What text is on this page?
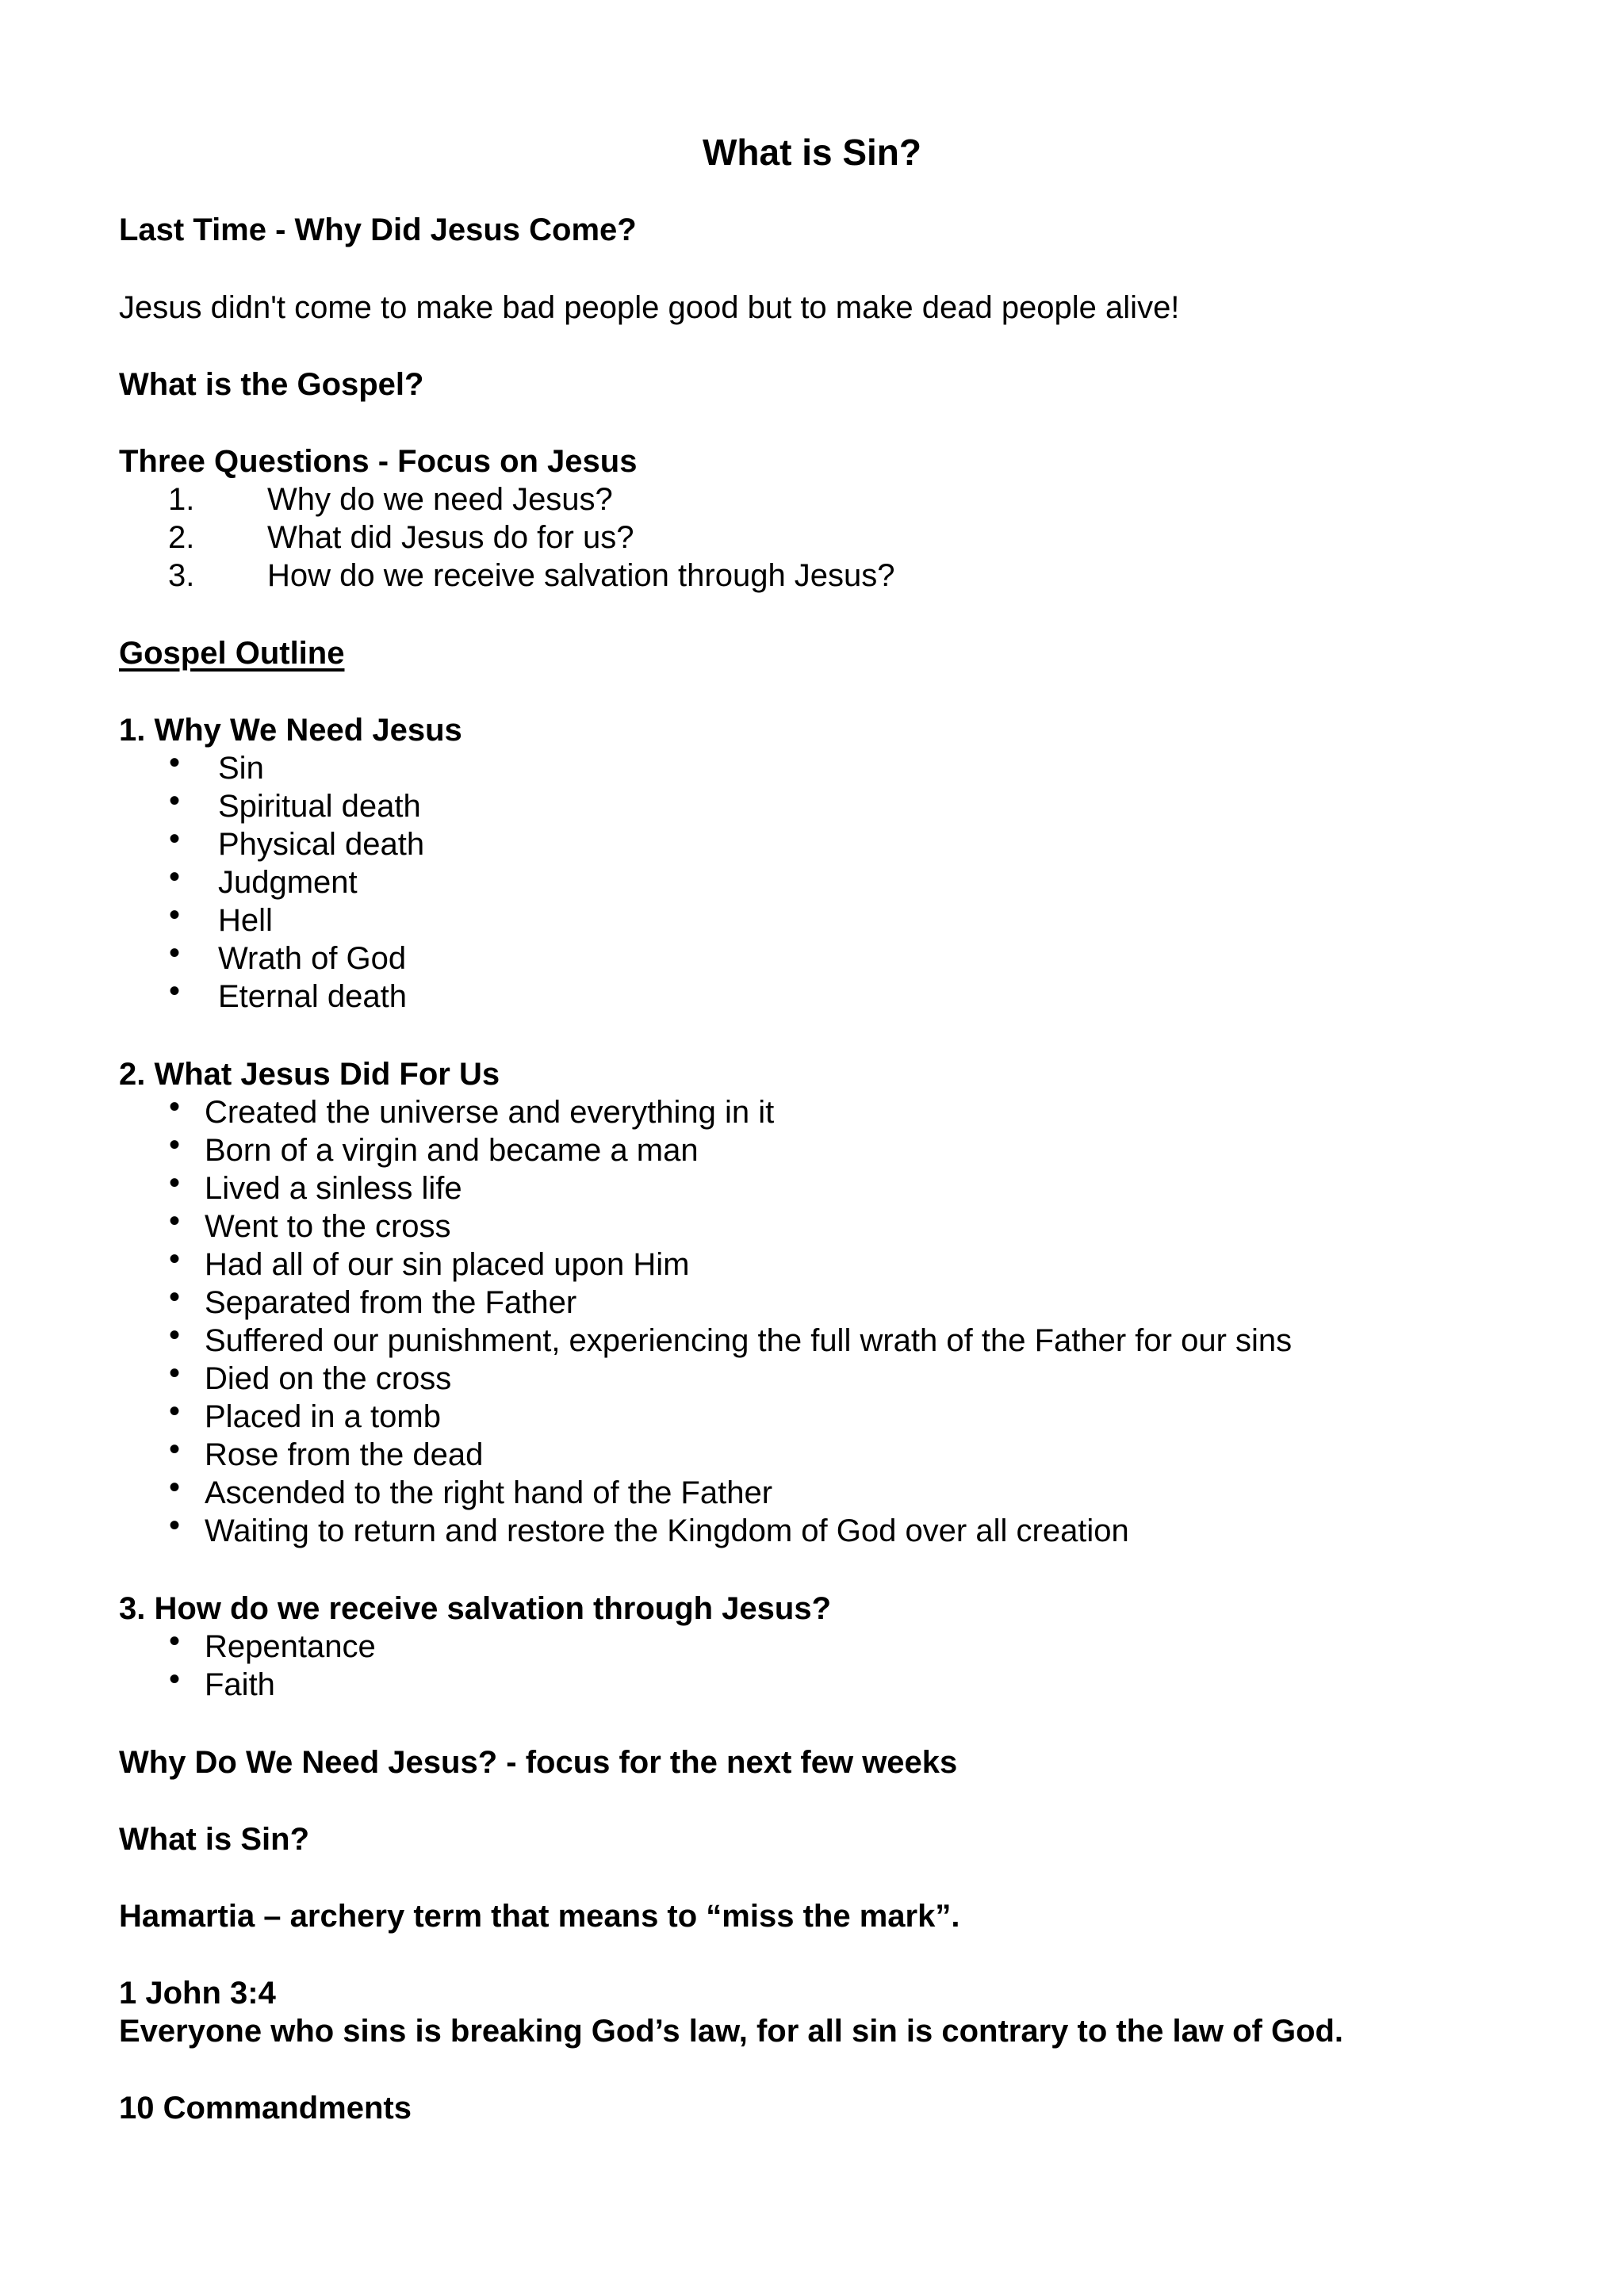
What is Sin?
Last Time - Why Did Jesus Come?
Jesus didn't come to make bad people good but to make dead people alive!
What is the Gospel?
Three Questions - Focus on Jesus
1. Why do we need Jesus?
2. What did Jesus do for us?
3. How do we receive salvation through Jesus?
Gospel Outline
1. Why We Need Jesus
• Sin
• Spiritual death
• Physical death
• Judgment
• Hell
• Wrath of God
• Eternal death
2. What Jesus Did For Us
• Created the universe and everything in it
• Born of a virgin and became a man
• Lived a sinless life
• Went to the cross
• Had all of our sin placed upon Him
• Separated from the Father
• Suffered our punishment, experiencing the full wrath of the Father for our sins
• Died on the cross
• Placed in a tomb
• Rose from the dead
• Ascended to the right hand of the Father
• Waiting to return and restore the Kingdom of God over all creation
3. How do we receive salvation through Jesus?
• Repentance
• Faith
Why Do We Need Jesus? - focus for the next few weeks
What is Sin?
Hamartia – archery term that means to “miss the mark”.
1 John 3:4
Everyone who sins is breaking God’s law, for all sin is contrary to the law of God.
10 Commandments
